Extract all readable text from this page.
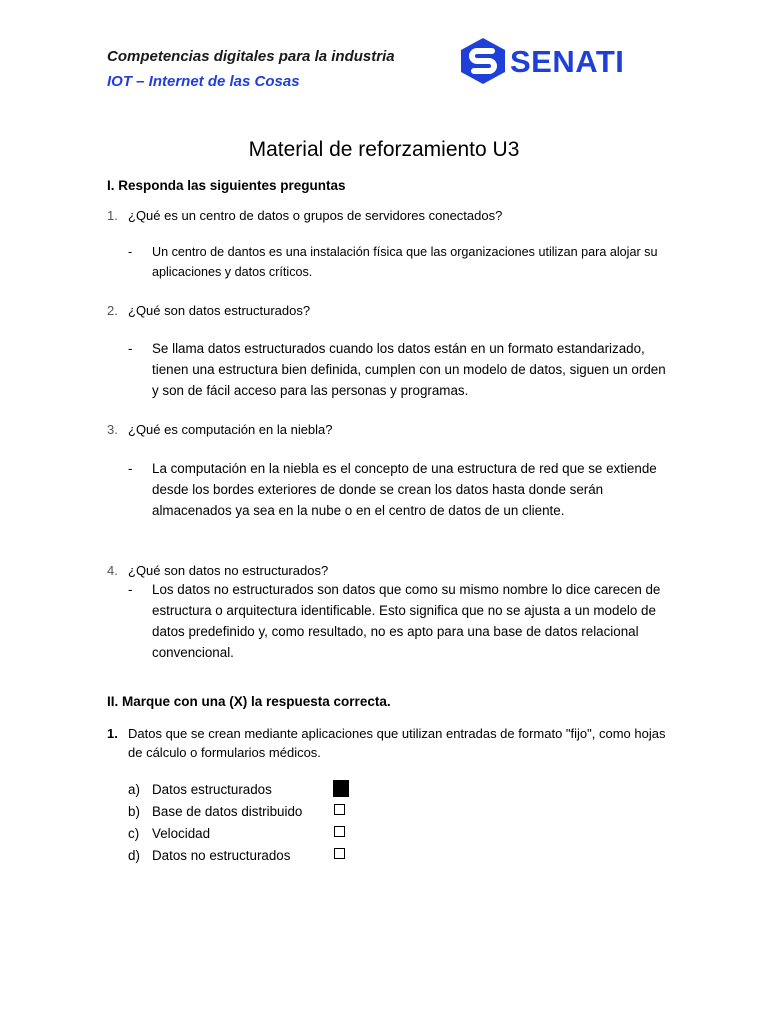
Competencias digitales para la industria
IOT – Internet de las Cosas
SENATI
Material de reforzamiento U3
I. Responda las siguientes preguntas
1. ¿Qué es un centro de datos o grupos de servidores conectados?
- Un centro de dantos es una instalación física que las organizaciones utilizan para alojar su aplicaciones y datos críticos.
2. ¿Qué son datos estructurados?
- Se llama datos estructurados cuando los datos están en un formato estandarizado, tienen una estructura bien definida, cumplen con un modelo de datos, siguen un orden y son de fácil acceso para las personas y programas.
3. ¿Qué es computación en la niebla?
- La computación en la niebla es el concepto de una estructura de red que se extiende desde los bordes exteriores de donde se crean los datos hasta donde serán almacenados ya sea en la nube o en el centro de datos de un cliente.
4. ¿Qué son datos no estructurados?
- Los datos no estructurados son datos que como su mismo nombre lo dice carecen de estructura o arquitectura identificable. Esto significa que no se ajusta a un modelo de datos predefinido y, como resultado, no es apto para una base de datos relacional convencional.
II. Marque con una (X) la respuesta correcta.
1. Datos que se crean mediante aplicaciones que utilizan entradas de formato "fijo", como hojas de cálculo o formularios médicos.
a) Datos estructurados
b) Base de datos distribuido
c) Velocidad
d) Datos no estructurados
